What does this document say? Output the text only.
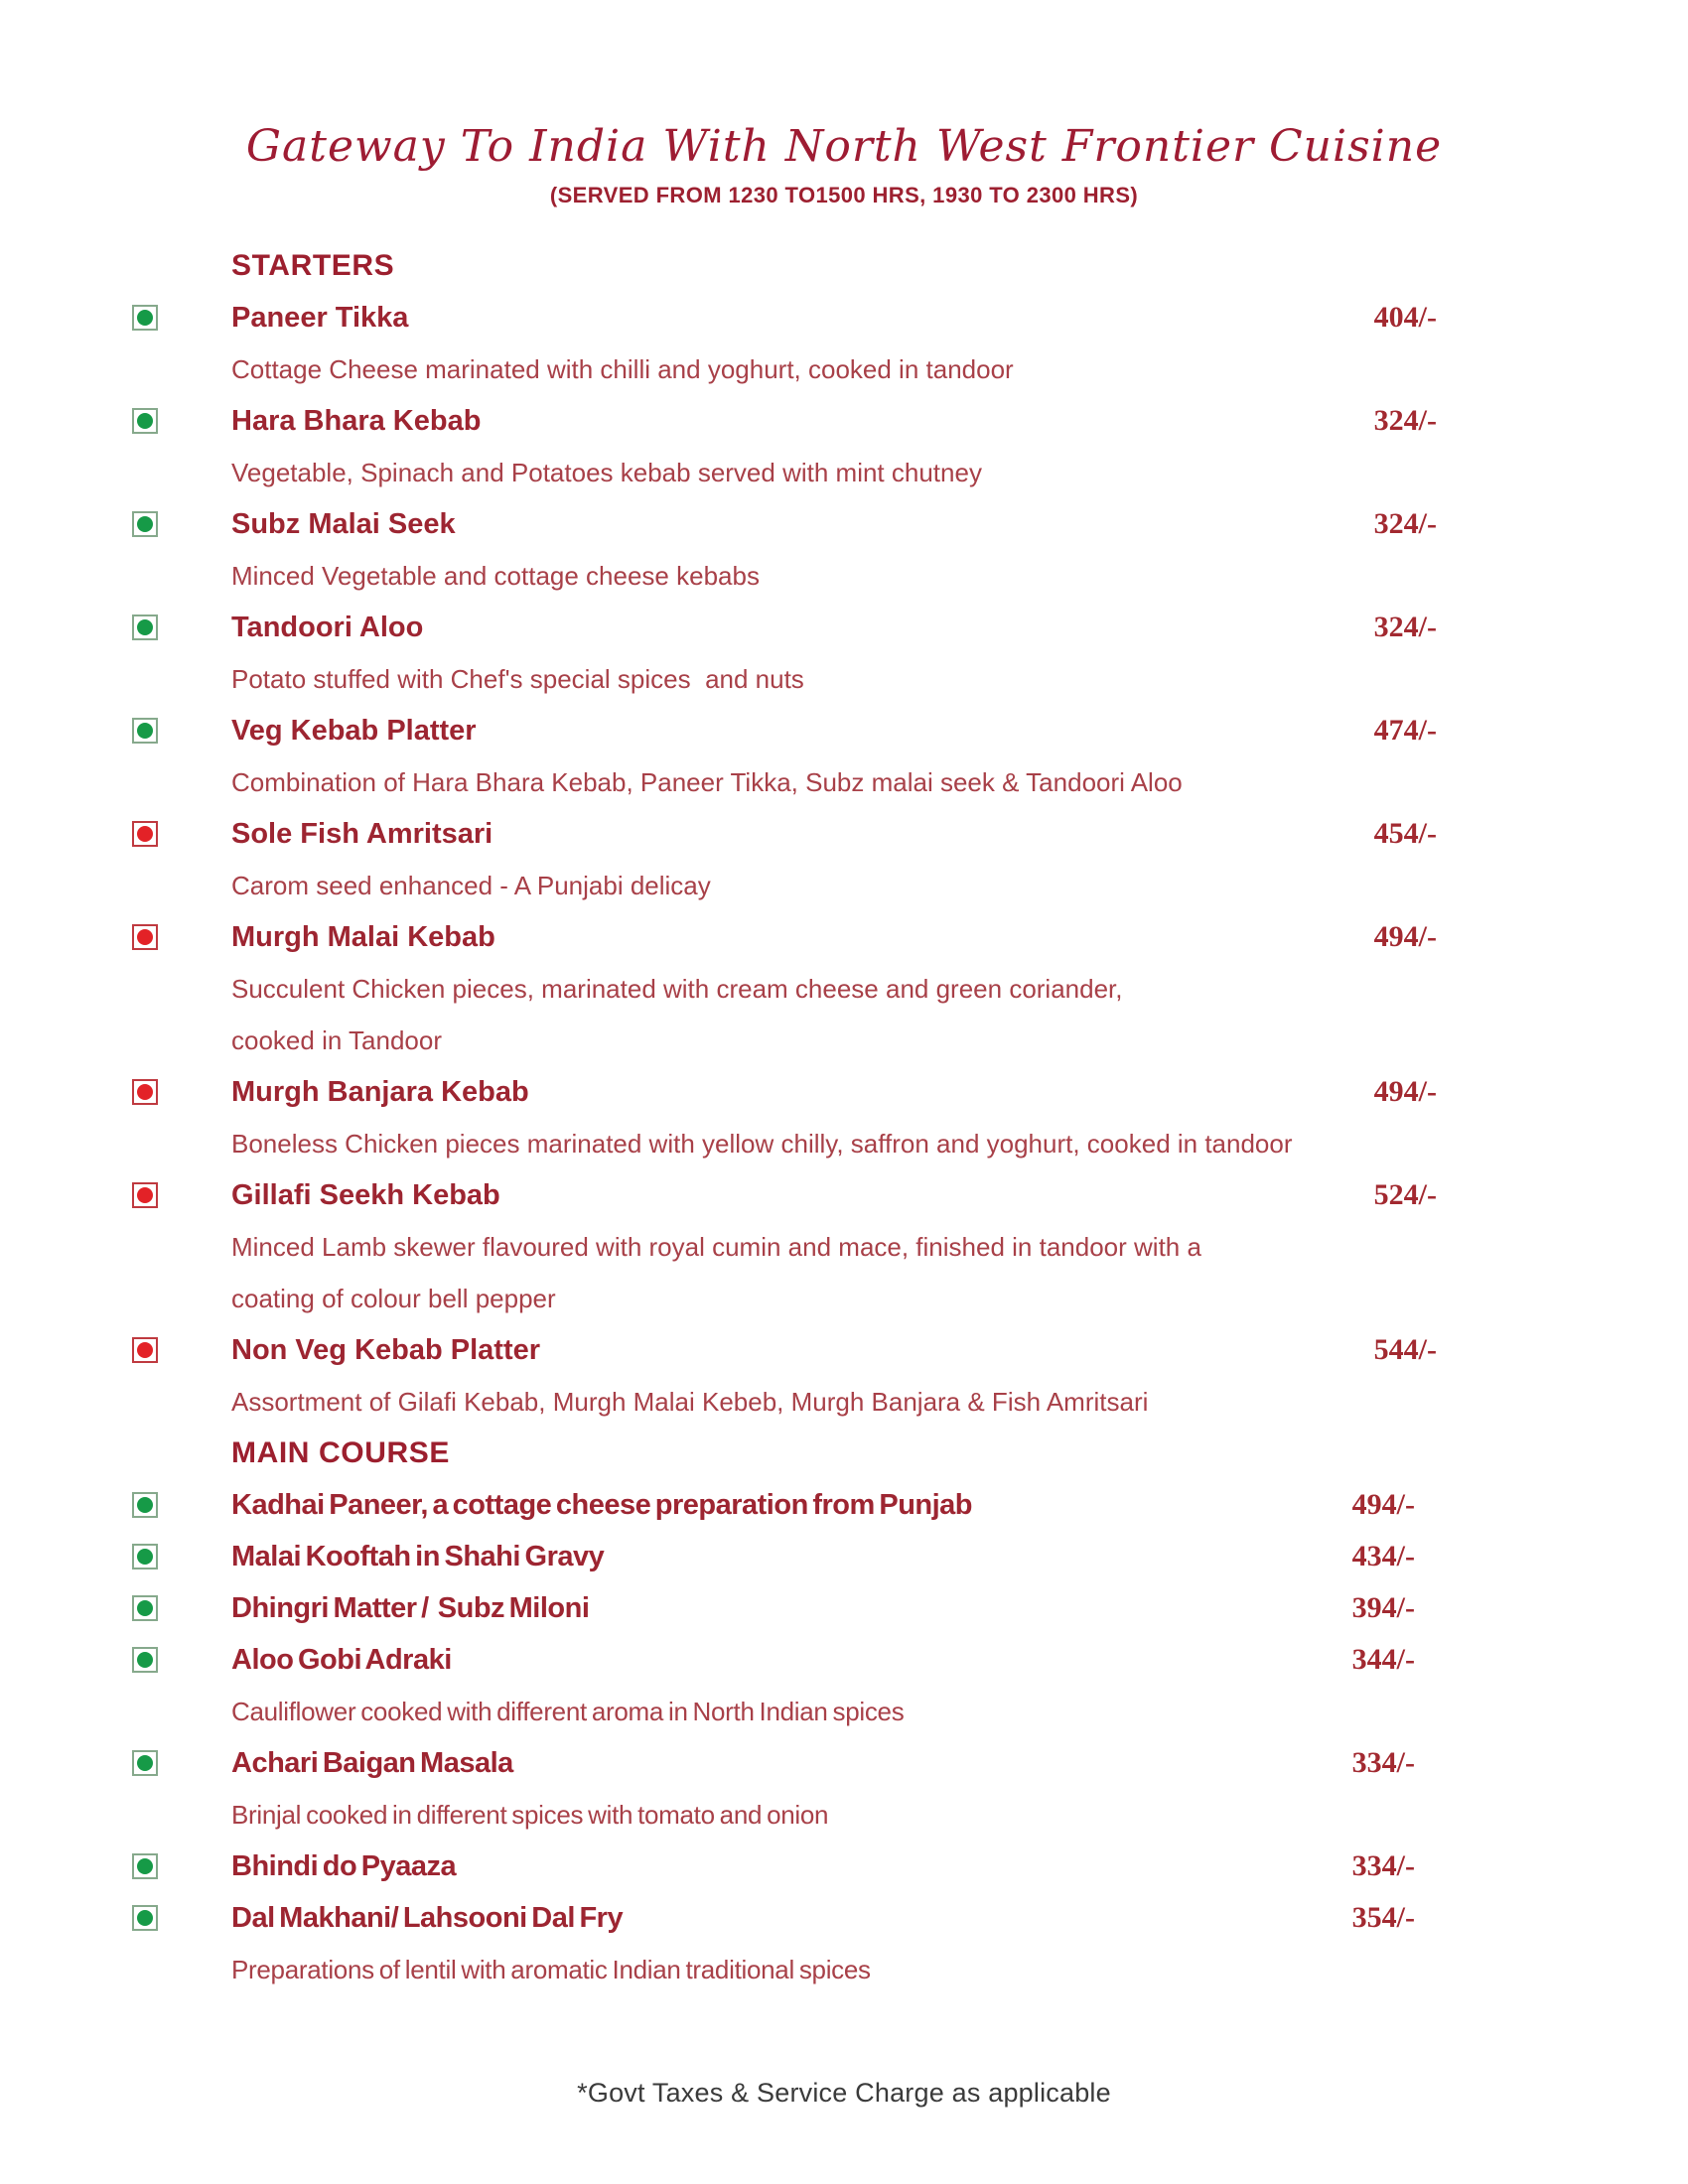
Gateway To India With North West Frontier Cuisine
(SERVED FROM 1230 TO1500 HRS, 1930 TO 2300 HRS)
STARTERS
Paneer Tikka	404/-
Cottage Cheese marinated with chilli and yoghurt, cooked in tandoor
Hara Bhara Kebab	324/-
Vegetable, Spinach and Potatoes kebab served with mint chutney
Subz Malai Seek	324/-
Minced Vegetable and cottage cheese kebabs
Tandoori Aloo	324/-
Potato stuffed with Chef's special spices  and nuts
Veg Kebab Platter	474/-
Combination of Hara Bhara Kebab, Paneer Tikka, Subz malai seek & Tandoori Aloo
Sole Fish Amritsari	454/-
Carom seed enhanced - A Punjabi delicay
Murgh Malai Kebab	494/-
Succulent Chicken pieces, marinated with cream cheese and green coriander,
cooked in Tandoor
Murgh Banjara Kebab	494/-
Boneless Chicken pieces marinated with yellow chilly, saffron and yoghurt, cooked in tandoor
Gillafi Seekh Kebab	524/-
Minced Lamb skewer flavoured with royal cumin and mace, finished in tandoor with a
coating of colour bell pepper
Non Veg Kebab Platter	544/-
Assortment of Gilafi Kebab, Murgh Malai Kebeb, Murgh Banjara & Fish Amritsari
MAIN COURSE
Kadhai Paneer, a cottage cheese preparation from Punjab	494/-
Malai Kooftah in Shahi Gravy	434/-
Dhingri Matter /  Subz Miloni	394/-
Aloo Gobi Adraki	344/-
Cauliflower cooked with different aroma in North Indian spices
Achari Baigan Masala	334/-
Brinjal cooked in different spices with tomato and onion
Bhindi do Pyaaza	334/-
Dal Makhani/ Lahsooni Dal Fry	354/-
Preparations of lentil with aromatic Indian traditional spices
*Govt Taxes & Service Charge as applicable
